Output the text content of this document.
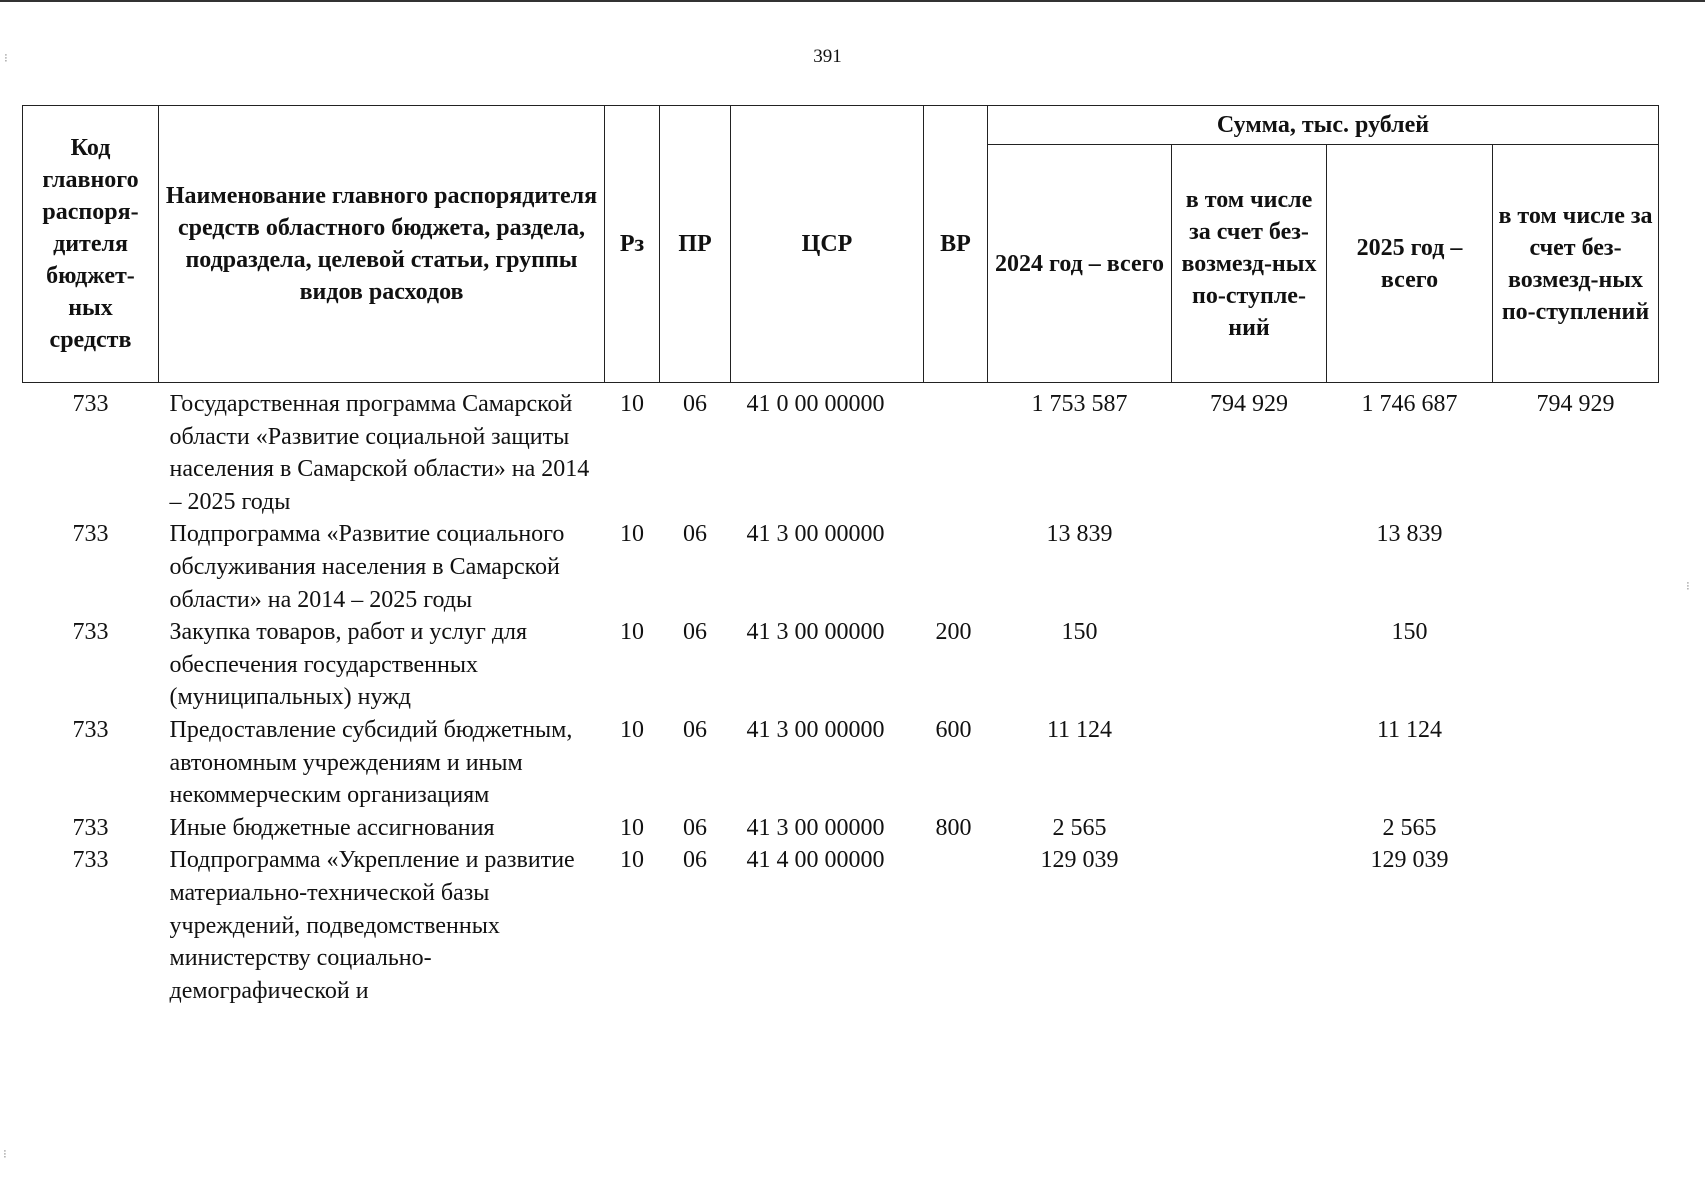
391
⁝
⁝
⁝
Код главного распоря-дителя бюджет-ных средств	Наименование главного распорядителя средств областного бюджета, раздела, подраздела, целевой статьи, группы видов расходов	Рз	ПР	ЦСР	ВР	Сумма, тыс. рублей			
						2024 год – всего	в том числе за счет без-возмезд-ных по-ступле-ний	2025 год – всего	в том числе за счет без-возмезд-ных по-ступлений
733	Государственная программа Самарской области «Развитие социальной защиты населения в Самарской области» на 2014 – 2025 годы	10	06	41 0 00 00000		1 753 587	794 929	1 746 687	794 929
733	Подпрограмма «Развитие социального обслуживания населения в Самарской области» на 2014 – 2025 годы	10	06	41 3 00 00000		13 839		13 839	
733	Закупка товаров, работ и услуг для обеспечения государственных (муниципальных) нужд	10	06	41 3 00 00000	200	150		150	
733	Предоставление субсидий бюджетным, автономным учреждениям и иным некоммерческим организациям	10	06	41 3 00 00000	600	11 124		11 124	
733	Иные бюджетные ассигнования	10	06	41 3 00 00000	800	2 565		2 565	
733	Подпрограмма «Укрепление и развитие материально-технической базы учреждений, подведомственных министерству социально-демографической и	10	06	41 4 00 00000		129 039		129 039	
